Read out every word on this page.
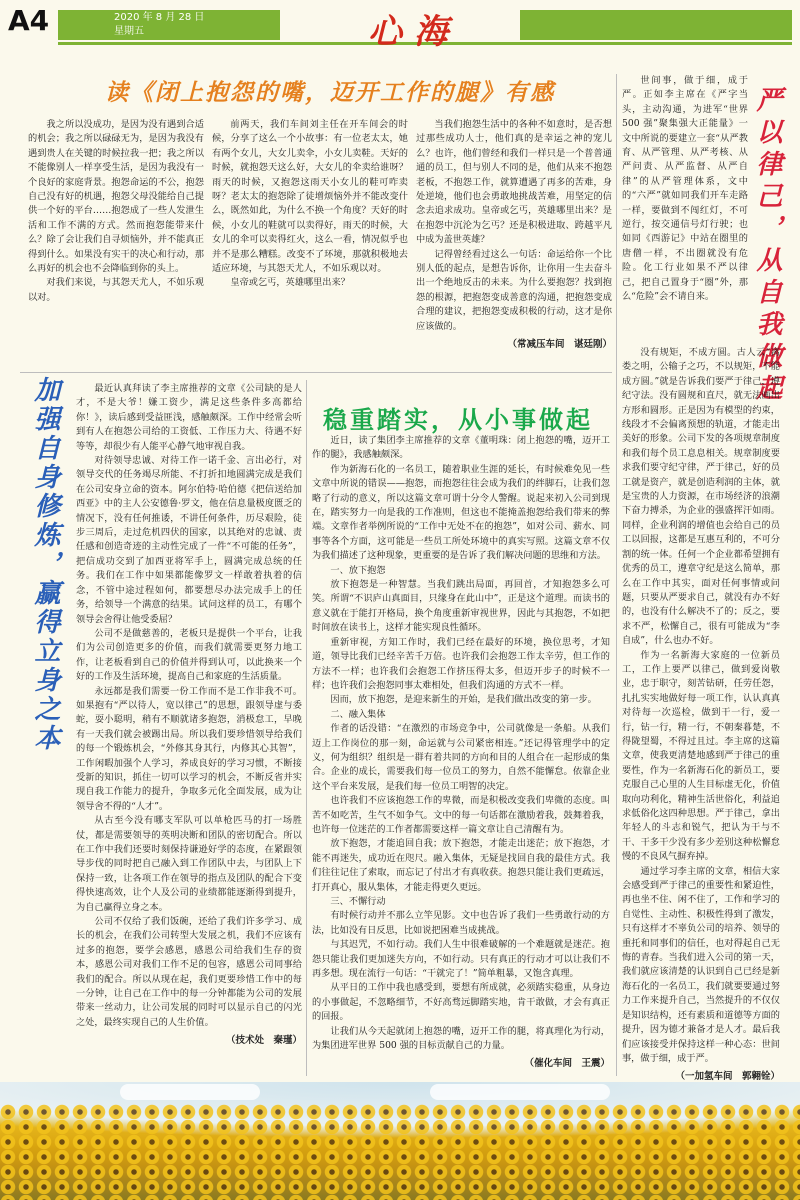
A4	2020 年 8 月 28 日
星期五	心海
读《闭上抱怨的嘴，迈开工作的腿》有感

我之所以没成功，是因为没有遇到合适的机会；我之所以碌碌无为，是因为我没有遇到贵人在关键的时候拉我一把；我之所以不能像别人一样享受生活，是因为我没有一个良好的家庭背景。抱怨命运的不公，抱怨自己没有好的机遇，抱怨父母没能给自己提供一个好的平台……抱怨成了一些人发泄生活和工作不满的方式。然而抱怨能带来什么？除了会让我们自寻烦恼外，并不能真正得到什么。如果没有实干的决心和行动，那么再好的机会也不会降临到你的头上。

对我们来说，与其怨天尤人，不如乐观以对。

前两天，我们车间刘主任在开车间会的时候，分享了这么一个小故事：有一位老太太，她有两个女儿，大女儿卖伞，小女儿卖鞋。天好的时候，就抱怨天这么好，大女儿的伞卖给谁呀？雨天的时候，又抱怨这雨天小女儿的鞋可咋卖呀？老太太的抱怨除了徒增烦恼外并不能改变什么，既然如此，为什么不换一个角度？天好的时候，小女儿的鞋就可以卖得好，雨天的时候，大女儿的伞可以卖得红火，这么一看，情况似乎也并不是那么糟糕。改变不了环境，那就积极地去适应环境，与其怨天尤人，不如乐观以对。

皇帝或乞丐，英雄哪里出来？

当我们抱怨生活中的各种不如意时，是否想过那些成功人士，他们真的是幸运之神的宠儿么？也许，他们曾经和我们一样只是一个普普通通的员工，但与别人不同的是，他们从来不抱怨老板，不抱怨工作，就算遭遇了再多的苦难，身处逆境，他们也会勇敢地挑战苦难，用坚定的信念去追求成功。皇帝或乞丐，英雄哪里出来？是在抱怨中沉沦为乞丐？还是积极进取、跨越平凡中成为盖世英雄？

记得曾经看过这么一句话：命运给你一个比别人低的起点，是想告诉你，让你用一生去奋斗出一个绝地反击的未来。为什么要抱怨？找到抱怨的根源，把抱怨变成善意的沟通，把抱怨变成合理的建议，把抱怨变成积极的行动，这才是你应该做的。

（常减压车间　谌廷刚）	严以律己，从自我做起

世间事，做于细，成于严。正如李主席在《严字当头，主动沟通，为进军“世界 500 强”聚集强大正能量》一文中所说的要建立一套“从严教育、从严管理、从严考核、从严问责、从严监督、从严自律”的从严管理体系，文中的“六严”就如同我们开车走路一样，要做到不闯红灯，不可逆行，按交通信号灯行驶；也如同《西游记》中站在圈里的唐僧一样，不出圈就没有危险。化工行业如果不严以律己，把自己置身于“圈”外，那么“危险”会不请自来。

没有规矩，不成方圆。古人云“离娄之明，公输子之巧，不以规矩，不能成方圆。”就是告诉我们要严于律己，遵纪守法。没有圆规和直尺，就无法画出方形和圆形。正是因为有模型的约束，线段才不会偏离预想的轨道，才能走出美好的形象。公司下发的各项规章制度和我们每个员工息息相关。规章制度要求我们要守纪守律，严于律己，好的员工就是资产，就是创造利润的主体，就是宝贵的人力资源，在市场经济的浪潮下奋力搏杀，为企业的强盛挥汗如雨。同样，企业利润的增值也会给自己的员工以回报，这都是互惠互利的，不可分割的统一体。任何一个企业都希望拥有优秀的员工，遵章守纪是这么简单，那么在工作中其实，面对任何事情或问题，只要从严要求自己，就没有办不好的，也没有什么解决不了的；反之，要求不严，松懈自己，很有可能成为“李自成”，什么也办不好。

作为一名新海大家庭的一位新员工，工作上要严以律己，做到爱岗敬业，忠于职守，刻苦钻研，任劳任怨，扎扎实实地做好每一项工作，认认真真对待每一次巡检，做到干一行，爱一行，钻一行，精一行，不朝秦暮楚，不得陇望蜀，不得过且过。李主席的这篇文章，使我更清楚地感到严于律己的重要性，作为一名新海石化的新员工，要克服自己心里的人生目标虚无化，价值取向功利化，精神生活世俗化，利益追求低俗化这四种思想。严于律己，拿出年轻人的斗志和锐气，把认为干与不干、干多干少没有多少差别这种松懈怠慢的不良风气摒弃掉。

通过学习李主席的文章，相信大家会感受到严于律己的重要性和紧迫性，再也坐不住、闲不住了，工作和学习的自觉性、主动性、积极性得到了激发，只有这样才不辜负公司的培养、领导的重托和同事们的信任，也对得起自己无悔的青春。当我们进入公司的第一天，我们就应该清楚的认识到自己已经是新海石化的一名员工，我们就要要通过努力工作来提升自己，当然提升的不仅仅是知识结构，还有素质和道德等方面的提升，因为德才兼备才是人才。最后我们应该接受并保持这样一种心态：世间事，做于细，成于严。

（一加氢车间　郭翱铨）

加强自身修炼，赢得立身之本	最近认真拜读了李主席推荐的文章《公司缺的是人才，不是大爷！嫌工资少，满足这些条件多高都给你！》，读后感到受益匪浅，感触颇深。工作中经常会听到有人在抱怨公司给的工资低、工作压力大、待遇不好等等，却很少有人能平心静气地审视自我。

对待领导忠诚、对待工作一诺千金、言出必行，对领导交代的任务竭尽所能、不打折扣地圆满完成是我们在公司安身立命的资本。阿尔伯特·哈伯德《把信送给加西亚》中的主人公安德鲁·罗文，他在信息量极度匮乏的情况下，没有任何推诿，不讲任何条件，历尽艰险，徒步三周后，走过危机四伏的国家，以其绝对的忠诚、责任感和创造奇迹的主动性完成了一件“不可能的任务”，把信成功交到了加西亚将军手上，圆满完成总统的任务。我们在工作中如果都能像罗文一样敢着执着的信念，不管中途过程如何，都要想尽办法完成手上的任务，给领导一个满意的结果。试问这样的员工，有哪个领导会舍得让他受委屈？

公司不是做慈善的，老板只是提供一个平台，让我们为公司创造更多的价值，而我们就需要更努力地工作，让老板看到自己的价值并得到认可，以此换来一个好的工作及生活环境，提高自己和家庭的生活质量。

永远都是我们需要一份工作而不是工作非我不可。如果抱有“严以待人，宽以律己”的思想，跟领导虚与委蛇，耍小聪明，稍有不顺就诸多抱怨，消极怠工，早晚有一天我们就会被踢出局。所以我们要珍惜领导给我们的每一个锻炼机会，“外修其身其行，内修其心其智”，工作闲暇加强个人学习，养成良好的学习习惯，不断接受新的知识，抓住一切可以学习的机会，不断反省并实现自我工作能力的提升，争取多元化全面发展，成为让领导舍不得的“人才”。

从古至今没有哪支军队可以单枪匹马的打一场胜仗，都是需要领导的英明决断和团队的密切配合。所以在工作中我们还要时刻保持谦逊好学的态度，在紧跟领导步伐的同时把自己融入到工作团队中去，与团队上下保持一致，让各项工作在领导的指点及团队的配合下变得快速高效，让个人及公司的业绩都能逐渐得到提升，为自己赢得立身之本。

公司不仅给了我们饭碗，还给了我们许多学习、成长的机会，在我们公司转型大发展之机，我们不应该有过多的抱怨，要学会感恩，感恩公司给我们生存的资本，感恩公司对我们工作不足的包容，感恩公司同事给我们的配合。所以从现在起，我们更要珍惜工作中的每一分钟，让自己在工作中的每一分钟都能为公司的发展带来一丝动力，让公司发展的同时可以显示自己的闪光之处，最终实现自己的人生价值。

（技术处　秦瑾）

稳重踏实，从小事做起

近日，读了集团李主席推荐的文章《董明珠：闭上抱怨的嘴，迈开工作的腿》，我感触颇深。

作为新海石化的一名员工，随着职业生涯的延长，有时候难免见一些文章中所说的错误——抱怨，而抱怨往往会成为我们的绊脚石，让我们忽略了行动的意义，所以这篇文章可谓十分令人警醒。说起来初入公司到现在，踏实努力一向是我的工作准则，但这也不能掩盖抱怨给我们带来的弊端。文章作者举例所说的“工作中无处不在的抱怨”，如对公司、薪水、同事等各个方面，这可能是一些员工所处环境中的真实写照。这篇文章不仅为我们描述了这种现象，更重要的是告诉了我们解决问题的思维和方法。

一、放下抱怨

放下抱怨是一种智慧。当我们跳出局面，再回首，才知抱怨多么可笑。所谓“不识庐山真面目，只缘身在此山中”，正是这个道理。而读书的意义就在于能打开格局，换个角度重新审视世界，因此与其抱怨，不如把时间放在读书上，这样才能实现良性循环。

重新审视，方知工作时，我们已经在最好的环境，换位思考，才知道，领导比我们已经辛苦千万倍。也许我们会抱怨工作太辛劳，但工作的方法不一样；也许我们会抱怨工作挤压得太多，但迈开步子的时候不一样；也许我们会抱怨同事太难相处，但我们沟通的方式不一样。

因而，放下抱怨，是迎来新生的开始，是我们做出改变的第一步。

二、融入集体

作者的话没错：“在激烈的市场竞争中，公司就像是一条船。从我们迈上工作岗位的那一刻，命运就与公司紧密相连。”还记得管理学中的定义，何为组织？组织是一群有着共同的方向和目的人组合在一起形成的集合。企业的成长，需要我们每一位员工的努力，自然不能懈怠。依靠企业这个平台来发展，是我们每一位员工明智的决定。

也许我们不应该抱怨工作的卑微，而是积极改变我们卑微的态度。叫苦不如吃苦，生气不如争气。文中的每一句话都在激励着我，鼓舞着我，也许每一位迷茫的工作者都需要这样一篇文章让自己清醒有为。

放下抱怨，才能追回自我；放下抱怨，才能走出迷茫；放下抱怨，才能不再迷失，成功近在咫尺。融入集体，无疑是找回自我的最佳方式。我们往往记住了索取，而忘记了付出才有真收获。抱怨只能让我们更疏远，打开真心，服从集体，才能走得更久更远。

三、不懈行动

有时候行动并不那么立竿见影。文中也告诉了我们一些勇敢行动的方法，比如没有日反思，比如说把困难当成挑战。

与其迟咒，不如行动。我们人生中很难破解的一个难题就是迷茫。抱怨只能让我们更加迷失方向，不如行动。只有真正的行动才可以让我们不再多想。现在流行一句话：“干就完了！”简单粗暴，又饱含真理。

从平日的工作中我也感受到，要想有所成就，必须踏实稳重，从身边的小事做起，不忽略细节，不好高骛远脚踏实地，肯干敢做，才会有真正的回报。

让我们从今天起就闭上抱怨的嘴，迈开工作的腿，将真理化为行动，为集团进军世界 500 强的目标贡献自己的力量。

（催化车间　王震）
